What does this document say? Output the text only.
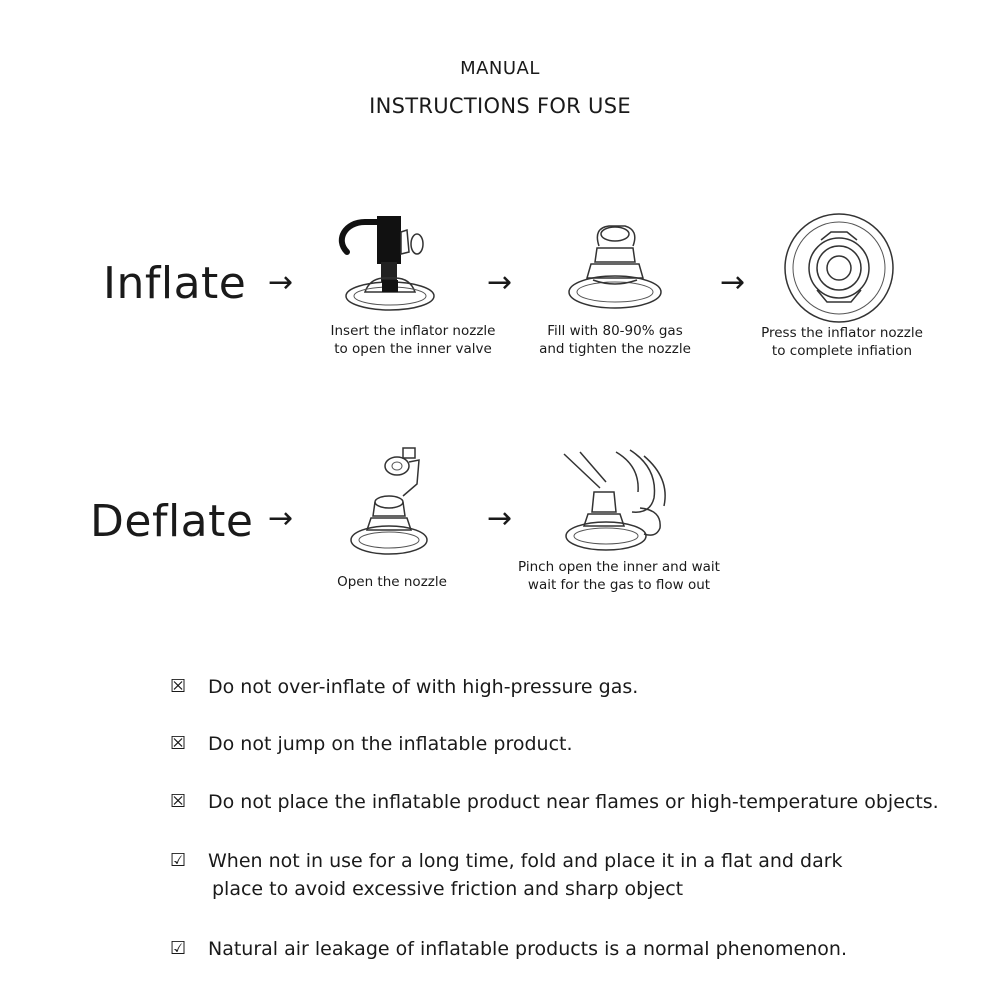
MANUAL
INSTRUCTIONS FOR USE
Inflate →
Insert the inflator nozzle
to open the inner valve
→
Fill with 80-90% gas
and tighten the nozzle
→
Press the inflator nozzle
to complete infiation
Deflate →
Open the nozzle
→
Pinch open the inner and wait
wait for the gas to flow out
☒	Do not over-inflate of with high-pressure gas.
☒	Do not jump on the inflatable product.
☒	Do not place the inflatable product near flames or high-temperature objects.
☑	When not in use for a long time, fold and place it in a flat and dark
place to avoid excessive friction and sharp object
☑	Natural air leakage of inflatable products is a normal phenomenon.
